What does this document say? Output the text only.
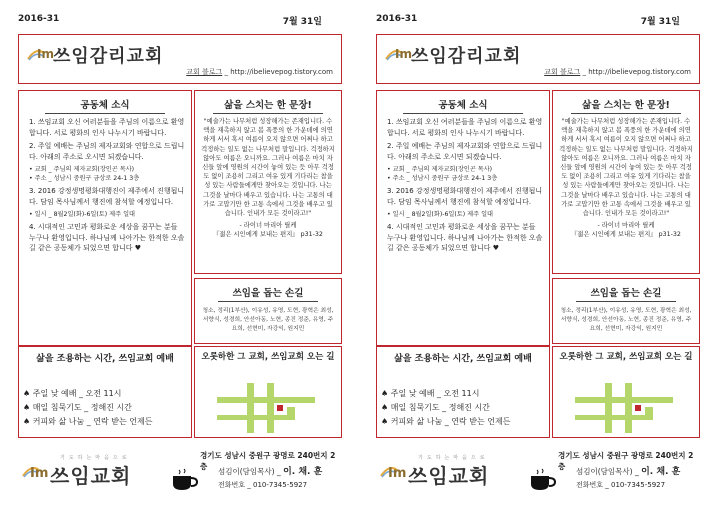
2016-31	7월 31일
Im 쓰임감리교회
교회 블로그 _ http://ibelievepog.tistory.com
공동체 소식
1. 쓰임교회 오신 여러분들을 주님의 이름으로 환영합니다. 서로 평화의 인사 나누시기 바랍니다.
2. 주일 예배는 주님의 제자교회와 연합으로 드립니다. 아래의 주소로 오시면 되겠습니다.
• 교회 _ 주님의 제자교회(장인곤 목사)
• 주소 _ 성남시 중원구 금상로 24-1 3층
3. 2016 강정생명평화대행진이 제주에서 진행됩니다. 담임 목사님께서 행진에 참석할 예정입니다.
• 일시 _ 8월2일(화)-6일(토) 제주 일대
4. 시대적인 고민과 평화로운 세상을 꿈꾸는 분들 누구나 환영입니다. 하나님께 나아가는 한적한 오솔길 같은 공동체가 되었으면 합니다 ♥
삶을 스치는 한 문장!
"예술가는 나무처럼 성장해가는 존재입니다. 수액을 재촉하지 않고 봄 폭풍의 한 가운데에 의연하게 서서 혹시 여름이 오지 않으면 어쩌나 하고 걱정하는 일도 없는 나무처럼 말입니다. 걱정하지 않아도 여름은 오니까요. 그러나 여름은 마치 자신들 앞에 영원의 시간이 놓여 있는 듯 아무 걱정도 없이 조용히 그리고 여유 있게 기다리는 참을성 있는 사람들에게만 찾아오는 것입니다. 나는 그것을 날마다 배우고 있습니다. 나는 고통의 대가로 고맙기만 한 고통 속에서 그것을 배우고 있습니다. 인내가 모든 것이라고!"
- 라이너 마리아 릴케
『젊은 시인에게 보내는 편지』 p31-32
쓰임을 돕는 손길
청소, 정리(1부산), 이유성, 유영, 도현, 광혁은 최성, 서향식, 성경희, 안선아동, 노현, 종진 정준, 유영, 주요희, 선현미, 자강익, 원지민
삶을 조용하는 시간, 쓰임교회 예배
♠ 주일 낮 예배 _ 오전 11시
♠ 매일 침묵기도 _ 정해진 시간
♠ 커피와 삶 나눔 _ 연락 받는 언제든
오롯하한 그 교회, 쓰임교회 오는 길
기 도 하 는 마 음 으 로
Im 쓰임교회
경기도 성남시 중원구 광명로 240번지 2층
섬김이(담임목사) _ 이. 채. 훈
전화번호 _ 010-7345-5927
2016-31	7월 31일
Im 쓰임감리교회
교회 블로그 _ http://ibelievepog.tistory.com
공동체 소식
1. 쓰임교회 오신 여러분들을 주님의 이름으로 환영합니다. 서로 평화의 인사 나누시기 바랍니다.
2. 주일 예배는 주님의 제자교회와 연합으로 드립니다. 아래의 주소로 오시면 되겠습니다.
• 교회 _ 주님의 제자교회(장인곤 목사)
• 주소 _ 성남시 중원구 금상로 24-1 3층
3. 2016 강정생명평화대행진이 제주에서 진행됩니다. 담임 목사님께서 행진에 참석할 예정입니다.
• 일시 _ 8월2일(화)-6일(토) 제주 일대
4. 시대적인 고민과 평화로운 세상을 꿈꾸는 분들 누구나 환영입니다. 하나님께 나아가는 한적한 오솔길 같은 공동체가 되었으면 합니다 ♥
삶을 스치는 한 문장!
"예술가는 나무처럼 성장해가는 존재입니다. 수액을 재촉하지 않고 봄 폭풍의 한 가운데에 의연하게 서서 혹시 여름이 오지 않으면 어쩌나 하고 걱정하는 일도 없는 나무처럼 말입니다. 걱정하지 않아도 여름은 오니까요. 그러나 여름은 마치 자신들 앞에 영원의 시간이 놓여 있는 듯 아무 걱정도 없이 조용히 그리고 여유 있게 기다리는 참을성 있는 사람들에게만 찾아오는 것입니다. 나는 그것을 날마다 배우고 있습니다. 나는 고통의 대가로 고맙기만 한 고통 속에서 그것을 배우고 있습니다. 인내가 모든 것이라고!"
- 라이너 마리아 릴케
『젊은 시인에게 보내는 편지』 p31-32
쓰임을 돕는 손길
청소, 정리(1부산), 이유성, 유영, 도현, 광혁은 최성, 서향식, 성경희, 안선아동, 노현, 종진 정준, 유영, 주요희, 선현미, 자강익, 원지민
삶을 조용하는 시간, 쓰임교회 예배
♠ 주일 낮 예배 _ 오전 11시
♠ 매일 침묵기도 _ 정해진 시간
♠ 커피와 삶 나눔 _ 연락 받는 언제든
오롯하한 그 교회, 쓰임교회 오는 길
기 도 하 는 마 음 으 로
Im 쓰임교회
경기도 성남시 중원구 광명로 240번지 2층
섬김이(담임목사) _ 이. 채. 훈
전화번호 _ 010-7345-5927
